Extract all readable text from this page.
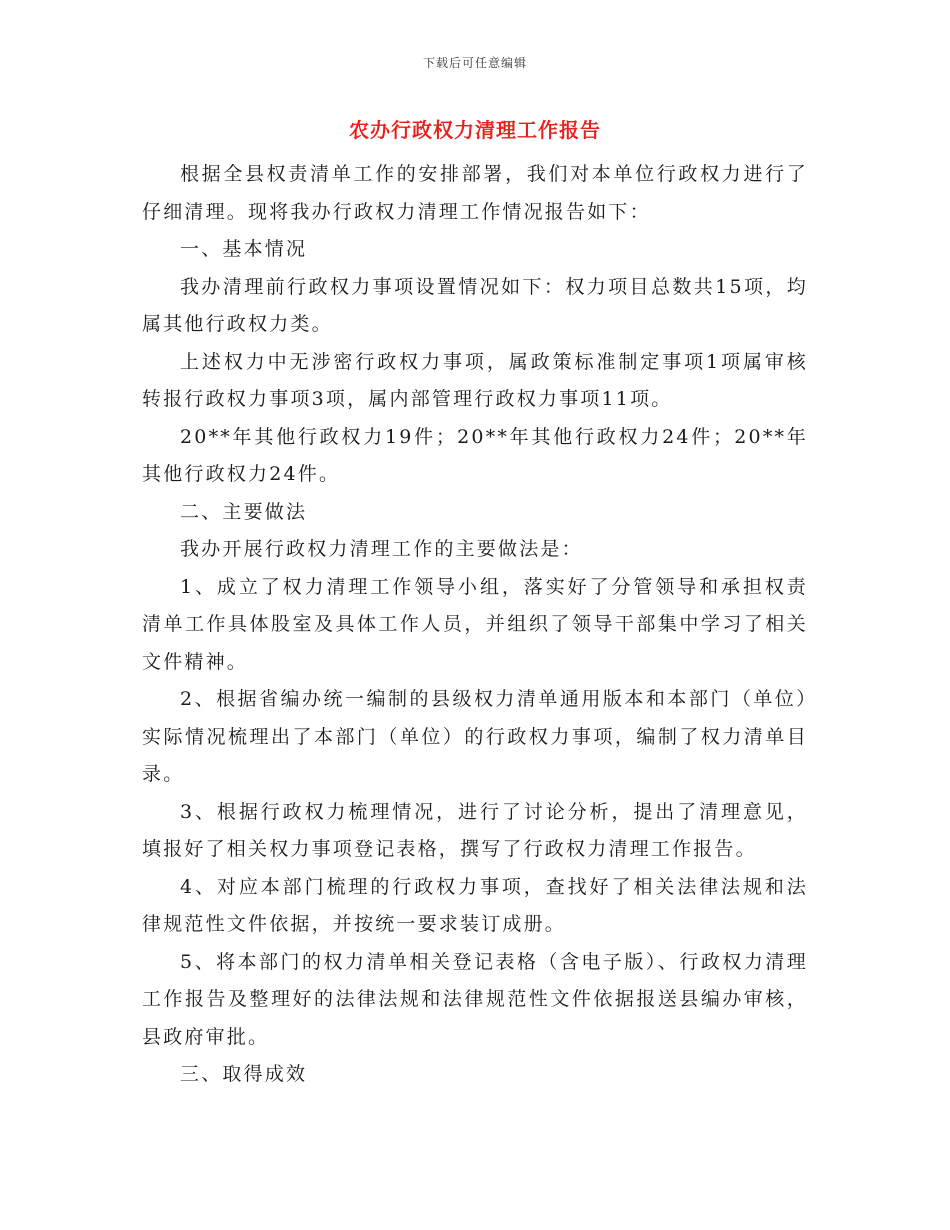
下载后可任意编辑
农办行政权力清理工作报告

根据全县权责清单工作的安排部署，我们对本单位行政权力进行了仔细清理。现将我办行政权力清理工作情况报告如下：

一、基本情况

我办清理前行政权力事项设置情况如下：权力项目总数共15项，均属其他行政权力类。

上述权力中无涉密行政权力事项，属政策标准制定事项1项属审核转报行政权力事项3项，属内部管理行政权力事项11项。

20**年其他行政权力19件；20**年其他行政权力24件；20**年其他行政权力24件。

二、主要做法

我办开展行政权力清理工作的主要做法是：

1、成立了权力清理工作领导小组，落实好了分管领导和承担权责清单工作具体股室及具体工作人员，并组织了领导干部集中学习了相关文件精神。

2、根据省编办统一编制的县级权力清单通用版本和本部门（单位）实际情况梳理出了本部门（单位）的行政权力事项，编制了权力清单目录。

3、根据行政权力梳理情况，进行了讨论分析，提出了清理意见，填报好了相关权力事项登记表格，撰写了行政权力清理工作报告。

4、对应本部门梳理的行政权力事项，查找好了相关法律法规和法律规范性文件依据，并按统一要求装订成册。

5、将本部门的权力清单相关登记表格（含电子版）、行政权力清理工作报告及整理好的法律法规和法律规范性文件依据报送县编办审核，县政府审批。

三、取得成效
